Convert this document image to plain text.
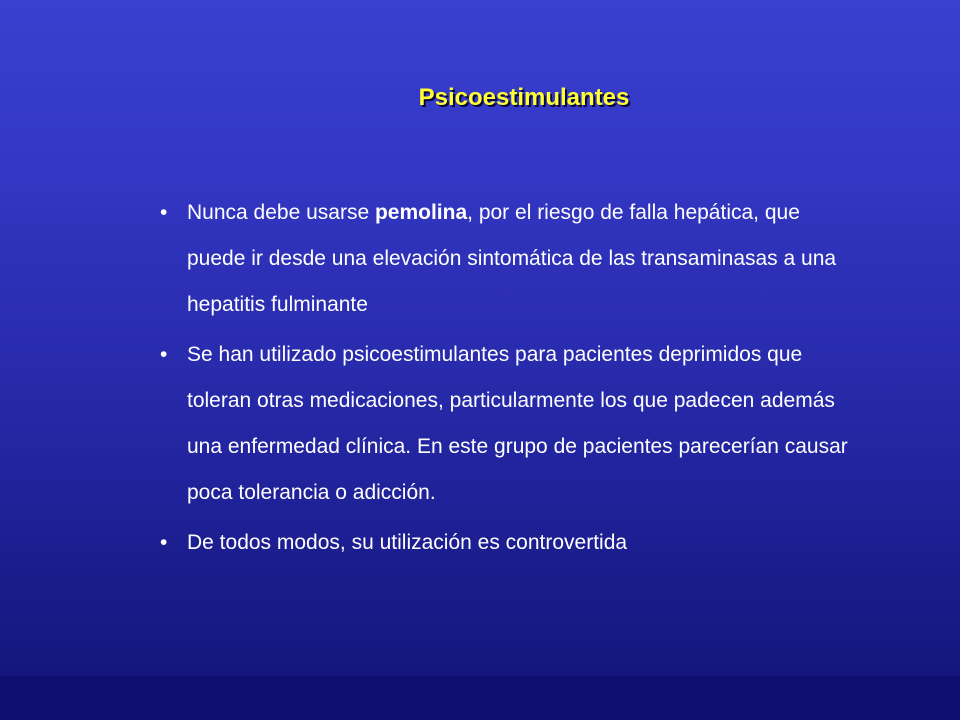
Psicoestimulantes
• Nunca debe usarse pemolina, por el riesgo de falla hepática, que puede ir desde una elevación sintomática de las transaminasas a una hepatitis fulminante
• Se han utilizado psicoestimulantes para pacientes deprimidos que toleran otras medicaciones, particularmente los que padecen además una enfermedad clínica. En este grupo de pacientes parecerían causar poca tolerancia o adicción.
• De todos modos, su utilización es controvertida
